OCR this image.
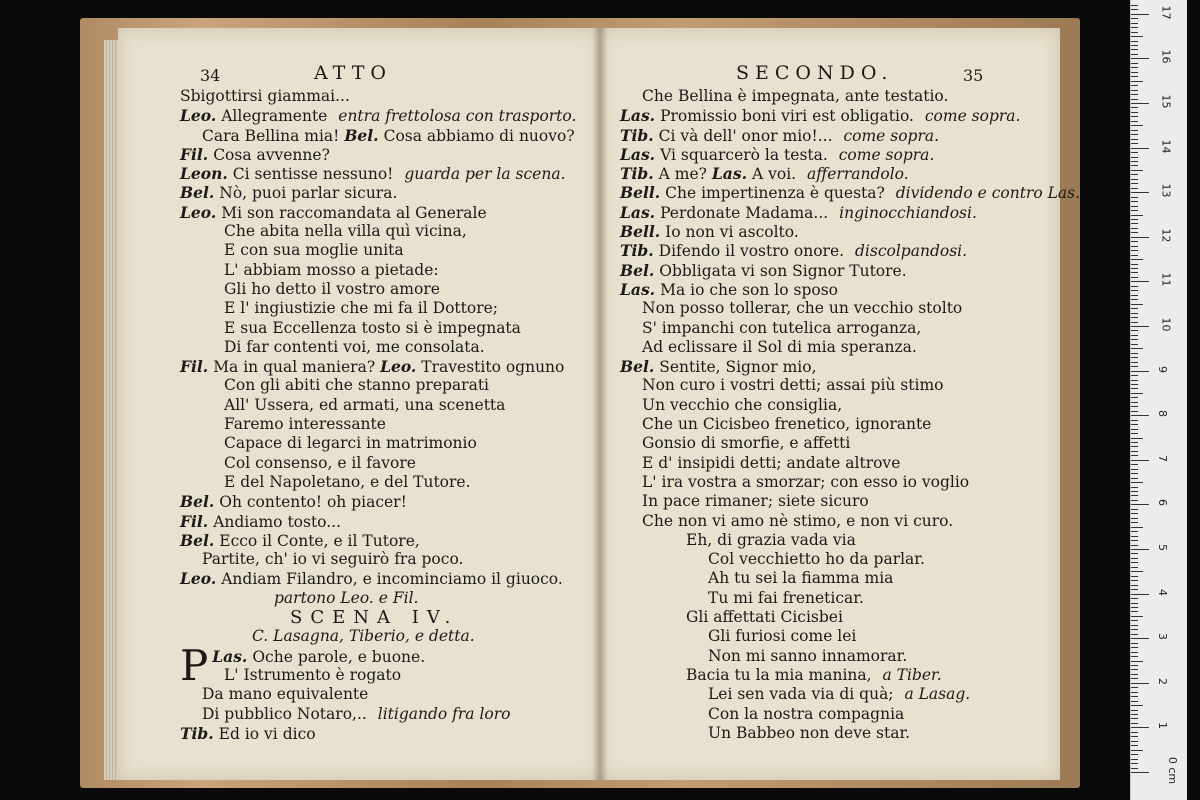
34	ATTO
Sbigottirsi giammai...
Leo. Allegramente entra frettolosa con trasporto.
Cara Bellina mia! Bel. Cosa abbiamo di nuovo?
Fil. Cosa avvenne?
Leon. Ci sentisse nessuno! guarda per la scena.
Bel. Nò, puoi parlar sicura.
Leo. Mi son raccomandata al Generale
Che abita nella villa quì vicina,
E con sua moglie unita
L' abbiam mosso a pietade:
Gli ho detto il vostro amore
E l' ingiustizie che mi fa il Dottore;
E sua Eccellenza tosto si è impegnata
Di far contenti voi, me consolata.
Fil. Ma in qual maniera? Leo. Travestito ognuno
Con gli abiti che stanno preparati
All' Ussera, ed armati, una scenetta
Faremo interessante
Capace di legarci in matrimonio
Col consenso, e il favore
E del Napoletano, e del Tutore.
Bel. Oh contento! oh piacer!
Fil. Andiamo tosto...
Bel. Ecco il Conte, e il Tutore,
Partite, ch' io vi seguirò fra poco.
Leo. Andiam Filandro, e incominciamo il giuoco.
partono Leo. e Fil.
SCENA IV.
C. Lasagna, Tiberio, e detta.
Las.
P	Oche parole, e buone.
L' Istrumento è rogato
Da mano equivalente
Di pubblico Notaro,.. litigando fra loro
Tib. Ed io vi dico
SECONDO.	35
Che Bellina è impegnata, ante testatio.
Las. Promissio boni viri est obligatio. come sopra.
Tib. Ci và dell' onor mio!... come sopra.
Las. Vi squarcerò la testa. come sopra.
Tib. A me? Las. A voi. afferrandolo.
Bell. Che impertinenza è questa? dividendo e contro Las.
Las. Perdonate Madama... inginocchiandosi.
Bell. Io non vi ascolto.
Tib. Difendo il vostro onore. discolpandosi.
Bel. Obbligata vi son Signor Tutore.
Las. Ma io che son lo sposo
Non posso tollerar, che un vecchio stolto
S' impanchi con tutelica arroganza,
Ad eclissare il Sol di mia speranza.
Bel. Sentite, Signor mio,
Non curo i vostri detti; assai più stimo
Un vecchio che consiglia,
Che un Cicisbeo frenetico, ignorante
Gonsio di smorfie, e affetti
E d' insipidi detti; andate altrove
L' ira vostra a smorzar; con esso io voglio
In pace rimaner; siete sicuro
Che non vi amo nè stimo, e non vi curo.
Eh, di grazia vada via
Col vecchietto ho da parlar.
Ah tu sei la fiamma mia
Tu mi fai freneticar.
Gli affettati Cicisbei
Gli furiosi come lei
Non mi sanno innamorar.
Bacia tu la mia manina, a Tiber.
Lei sen vada via di quà; a Lasag.
Con la nostra compagnia
Un Babbeo non deve star.
0 cm
1
2
3
4
5
6
7
8
9
10
11
12
13
14
15
16
17
